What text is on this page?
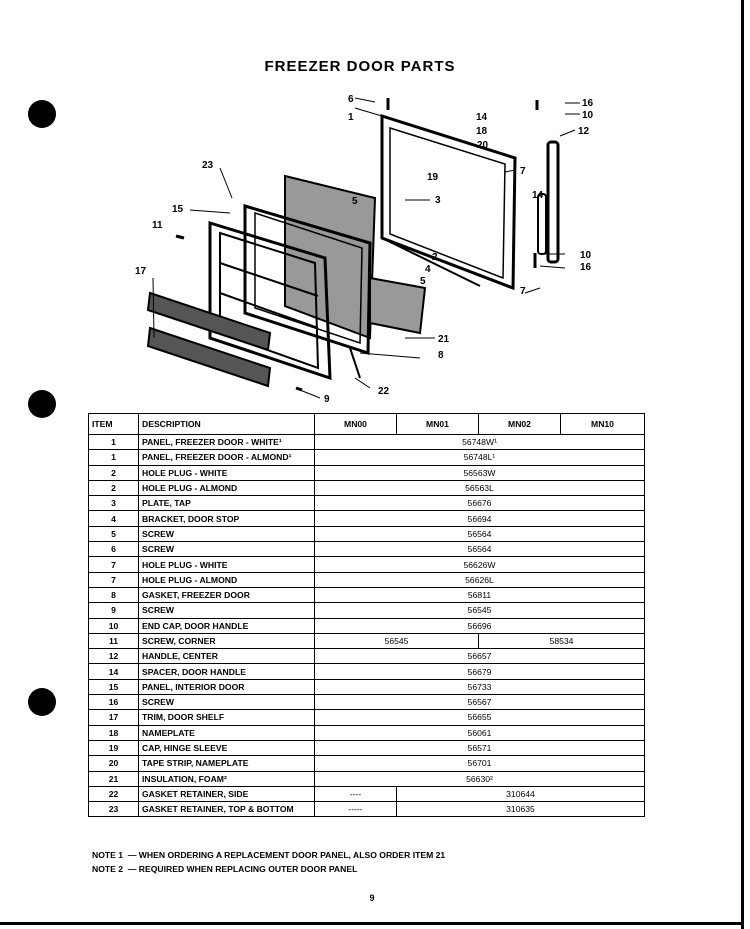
FREEZER DOOR PARTS
6
1
16
10
14
18
20
12
7
19
3
23
5
15
11
14
2
4
10
16
17
5
7
21
8
22
9
ITEM	DESCRIPTION	MN00	MN01	MN02	MN10
1	PANEL, FREEZER DOOR - WHITE¹	56748W¹			
1	PANEL, FREEZER DOOR - ALMOND¹	56748L¹			
2	HOLE PLUG - WHITE	56563W			
2	HOLE PLUG - ALMOND	56563L			
3	PLATE, TAP	56676			
4	BRACKET, DOOR STOP	56694			
5	SCREW	56564			
6	SCREW	56564			
7	HOLE PLUG - WHITE	56626W			
7	HOLE PLUG - ALMOND	56626L			
8	GASKET, FREEZER DOOR	56811			
9	SCREW	56545			
10	END CAP, DOOR HANDLE	56696			
11	SCREW, CORNER	56545		58534	
12	HANDLE, CENTER	56657			
14	SPACER, DOOR HANDLE	56679			
15	PANEL, INTERIOR DOOR	56733			
16	SCREW	56567			
17	TRIM, DOOR SHELF	56655			
18	NAMEPLATE	56061			
19	CAP, HINGE SLEEVE	56571			
20	TAPE STRIP, NAMEPLATE	56701			
21	INSULATION, FOAM²	56630²			
22	GASKET RETAINER, SIDE	----	310644		
23	GASKET RETAINER, TOP & BOTTOM	-----	310635		
NOTE 1 — WHEN ORDERING A REPLACEMENT DOOR PANEL, ALSO ORDER ITEM 21
NOTE 2 — REQUIRED WHEN REPLACING OUTER DOOR PANEL
9
